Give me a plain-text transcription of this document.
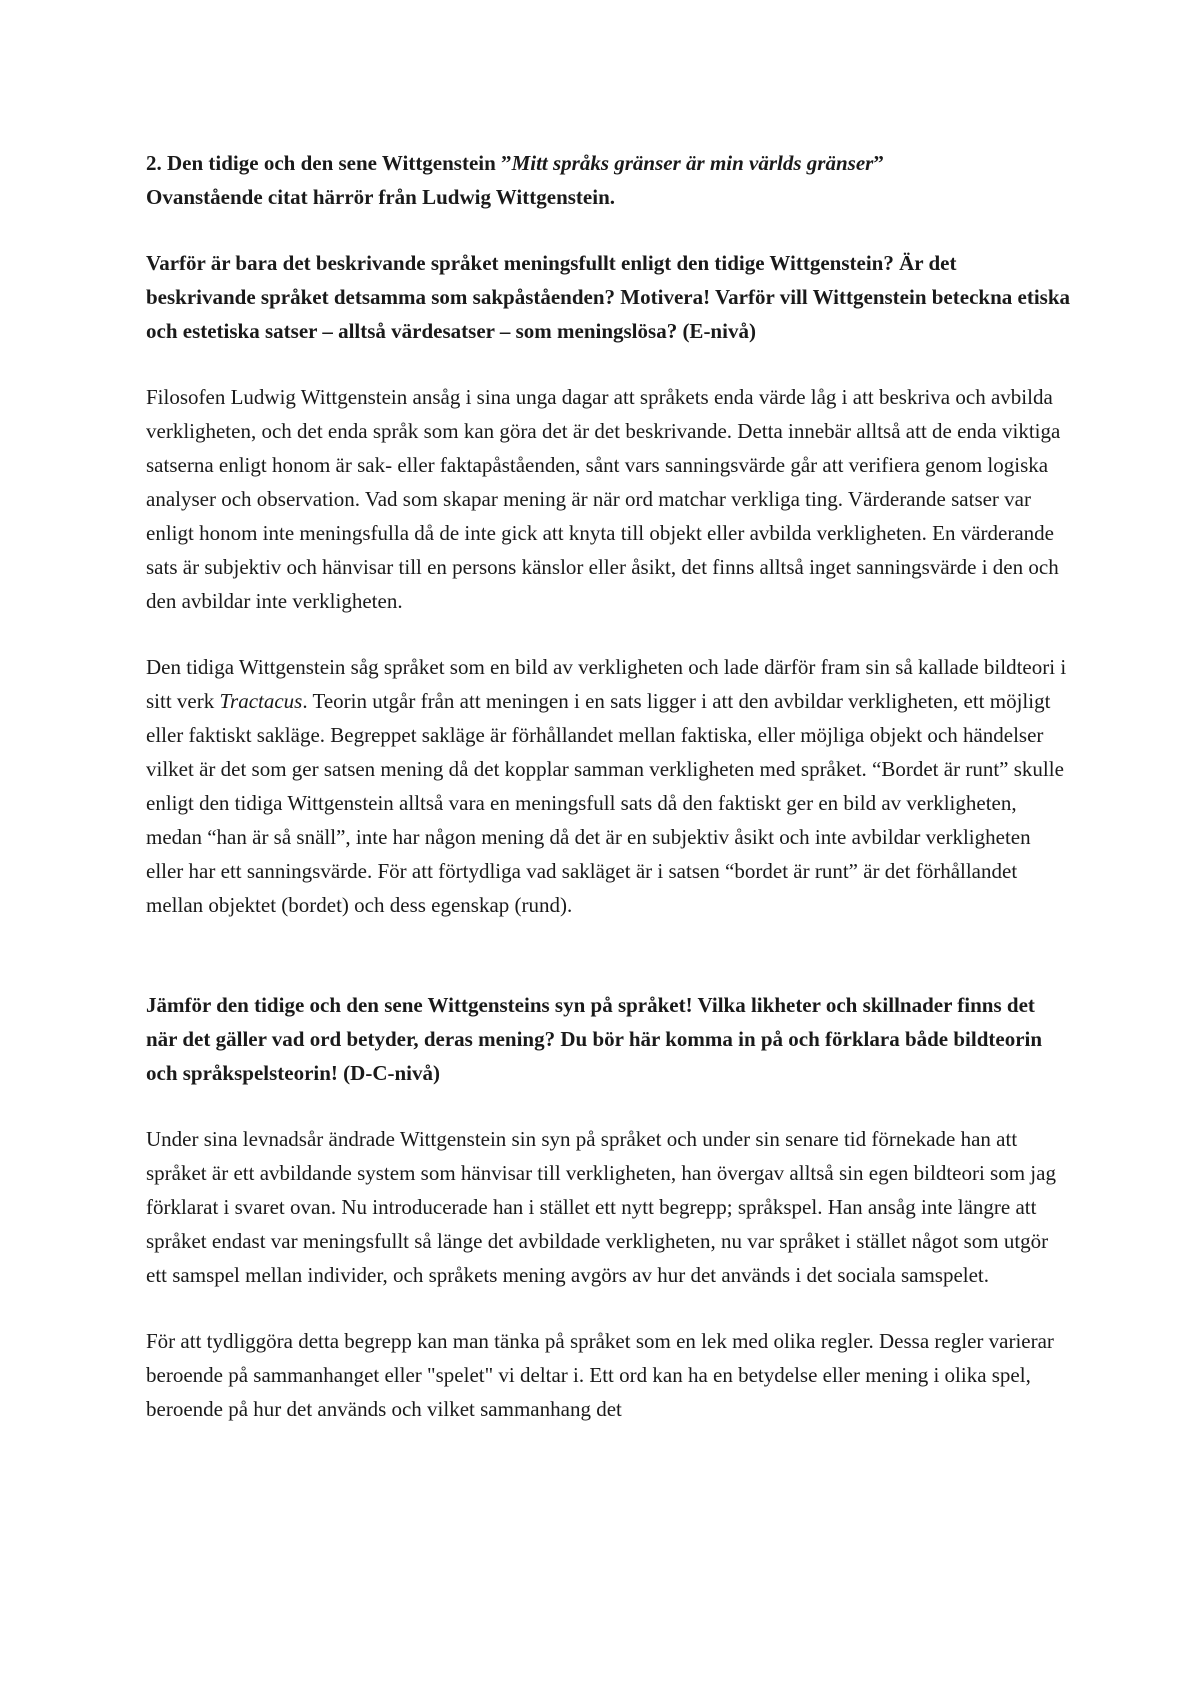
2. Den tidige och den sene Wittgenstein ”Mitt språks gränser är min världs gränser”

Ovanstående citat härrör från Ludwig Wittgenstein.

Varför är bara det beskrivande språket meningsfullt enligt den tidige Wittgenstein? Är det beskrivande språket detsamma som sakpåståenden? Motivera! Varför vill Wittgenstein beteckna etiska och estetiska satser – alltså värdesatser – som meningslösa? (E-nivå)

Filosofen Ludwig Wittgenstein ansåg i sina unga dagar att språkets enda värde låg i att beskriva och avbilda verkligheten, och det enda språk som kan göra det är det beskrivande. Detta innebär alltså att de enda viktiga satserna enligt honom är sak- eller faktapåståenden, sånt vars sanningsvärde går att verifiera genom logiska analyser och observation. Vad som skapar mening är när ord matchar verkliga ting. Värderande satser var enligt honom inte meningsfulla då de inte gick att knyta till objekt eller avbilda verkligheten. En värderande sats är subjektiv och hänvisar till en persons känslor eller åsikt, det finns alltså inget sanningsvärde i den och den avbildar inte verkligheten.

Den tidiga Wittgenstein såg språket som en bild av verkligheten och lade därför fram sin så kallade bildteori i sitt verk Tractacus. Teorin utgår från att meningen i en sats ligger i att den avbildar verkligheten, ett möjligt eller faktiskt sakläge. Begreppet sakläge är förhållandet mellan faktiska, eller möjliga objekt och händelser vilket är det som ger satsen mening då det kopplar samman verkligheten med språket. “Bordet är runt” skulle enligt den tidiga Wittgenstein alltså vara en meningsfull sats då den faktiskt ger en bild av verkligheten, medan “han är så snäll”, inte har någon mening då det är en subjektiv åsikt och inte avbildar verkligheten eller har ett sanningsvärde. För att förtydliga vad sakläget är i satsen “bordet är runt” är det förhållandet mellan objektet (bordet) och dess egenskap (rund).

Jämför den tidige och den sene Wittgensteins syn på språket! Vilka likheter och skillnader finns det när det gäller vad ord betyder, deras mening? Du bör här komma in på och förklara både bildteorin och språkspelsteorin! (D-C-nivå)

Under sina levnadsår ändrade Wittgenstein sin syn på språket och under sin senare tid förnekade han att språket är ett avbildande system som hänvisar till verkligheten, han övergav alltså sin egen bildteori som jag förklarat i svaret ovan. Nu introducerade han i stället ett nytt begrepp; språkspel. Han ansåg inte längre att språket endast var meningsfullt så länge det avbildade verkligheten, nu var språket i stället något som utgör ett samspel mellan individer, och språkets mening avgörs av hur det används i det sociala samspelet.

För att tydliggöra detta begrepp kan man tänka på språket som en lek med olika regler. Dessa regler varierar beroende på sammanhanget eller "spelet" vi deltar i. Ett ord kan ha en betydelse eller mening i olika spel, beroende på hur det används och vilket sammanhang det
